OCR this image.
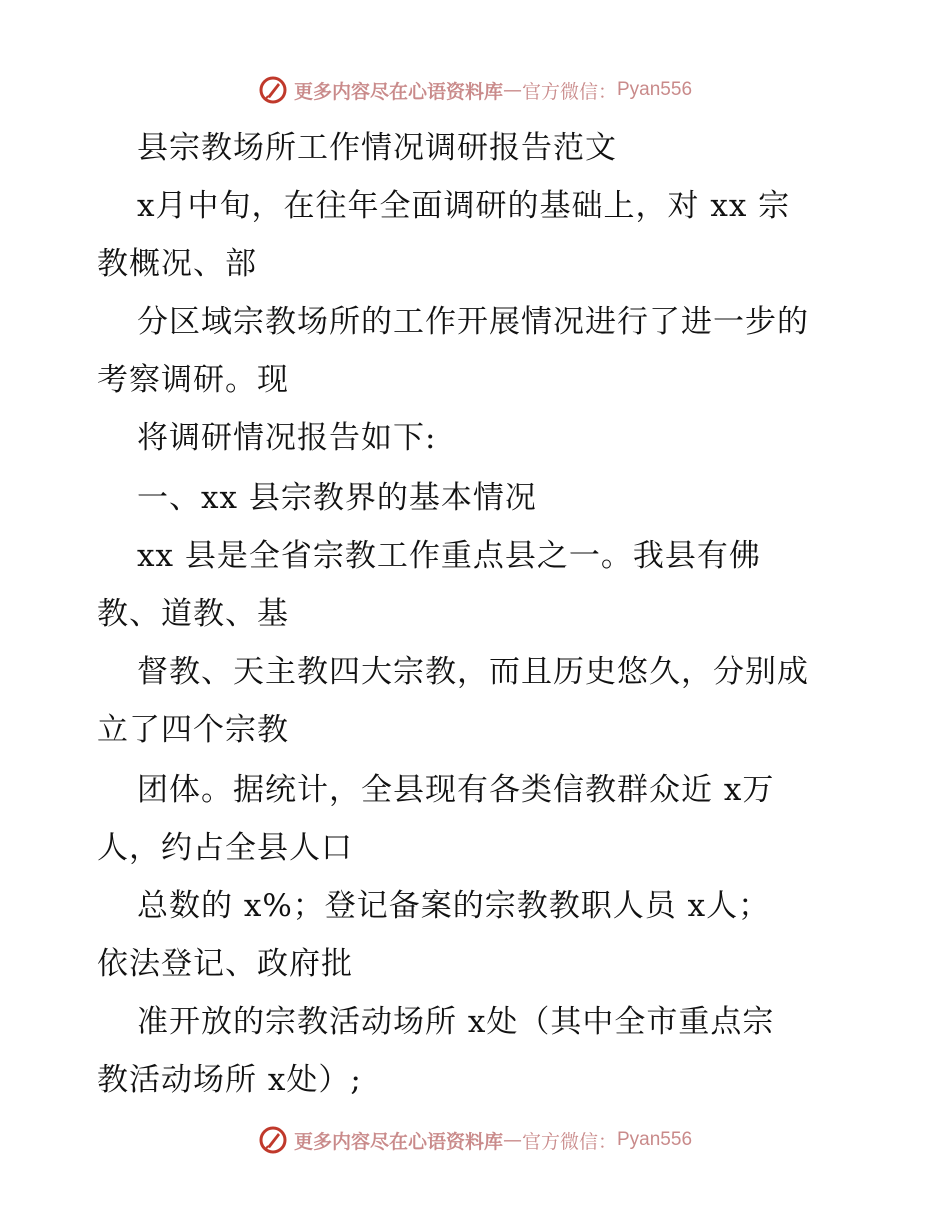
更多内容尽在心语资料库 — 官方微信： Pyan556
县宗教场所工作情况调研报告范文
x月中旬，在往年全面调研的基础上，对 xx 宗
教概况、部
分区域宗教场所的工作开展情况进行了进一步的
考察调研。现
将调研情况报告如下:
一、xx 县宗教界的基本情况
xx 县是全省宗教工作重点县之一。我县有佛
教、道教、基
督教、天主教四大宗教，而且历史悠久，分别成
立了四个宗教
团体。据统计，全县现有各类信教群众近 x万
人，约占全县人口
总数的 x%；登记备案的宗教教职人员 x人；
依法登记、政府批
准开放的宗教活动场所 x处（其中全市重点宗
教活动场所 x处）;
更多内容尽在心语资料库 — 官方微信： Pyan556
